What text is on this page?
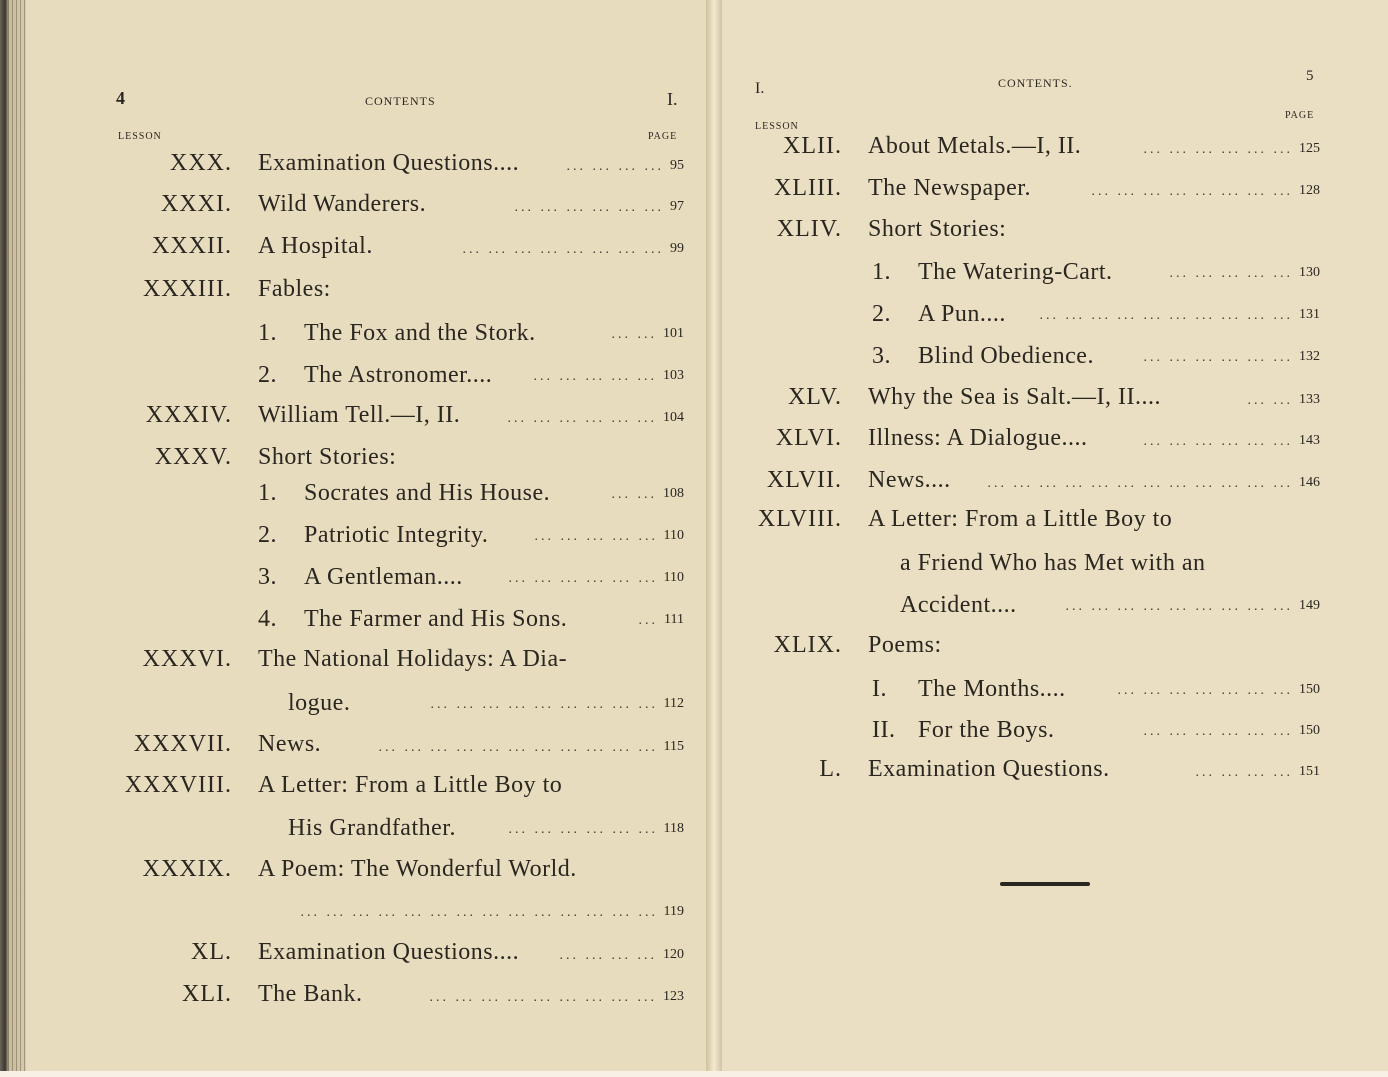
4	CONTENTS	I.
LESSON	PAGE
XXX. Examination Questions....	95
... ... ... ...
XXXI. Wild Wanderers.	97
... ... ... ... ... ...
XXXII. A Hospital.	99
... ... ... ... ... ... ... ...
XXXIII. Fables:
1. The Fox and the Stork.	101
... ...
2. The Astronomer....	103
... ... ... ... ...
XXXIV. William Tell.—I, II.	104
... ... ... ... ... ...
XXXV. Short Stories:
1. Socrates and His House.	108
... ...
2. Patriotic Integrity.	110
... ... ... ... ...
3. A Gentleman....	110
... ... ... ... ... ...
4. The Farmer and His Sons.	111
...
XXXVI. The National Holidays: A Dia-
logue.	112
... ... ... ... ... ... ... ... ...
XXXVII. News.	115
... ... ... ... ... ... ... ... ... ... ...
XXXVIII. A Letter: From a Little Boy to
His Grandfather.	118
... ... ... ... ... ...
XXXIX. A Poem: The Wonderful World.
119
... ... ... ... ... ... ... ... ... ... ... ... ... ...
XL. Examination Questions....	120
... ... ... ...
XLI. The Bank.	123
... ... ... ... ... ... ... ... ...
I.	CONTENTS.	5
LESSON
PAGE
XLII. About Metals.—I, II.	125
... ... ... ... ... ...
XLIII. The Newspaper.	128
... ... ... ... ... ... ... ...
XLIV. Short Stories:
1. The Watering-Cart.	130
... ... ... ... ...
2. A Pun....	131
... ... ... ... ... ... ... ... ... ...
3. Blind Obedience.	132
... ... ... ... ... ...
XLV. Why the Sea is Salt.—I, II....	133
... ...
XLVI. Illness: A Dialogue....	143
... ... ... ... ... ...
XLVII. News....	146
... ... ... ... ... ... ... ... ... ... ... ...
XLVIII. A Letter: From a Little Boy to
a Friend Who has Met with an
Accident....	149
... ... ... ... ... ... ... ... ...
XLIX. Poems:
I. The Months....	150
... ... ... ... ... ... ...
II. For the Boys.	150
... ... ... ... ... ...
L. Examination Questions.	151
... ... ... ...
